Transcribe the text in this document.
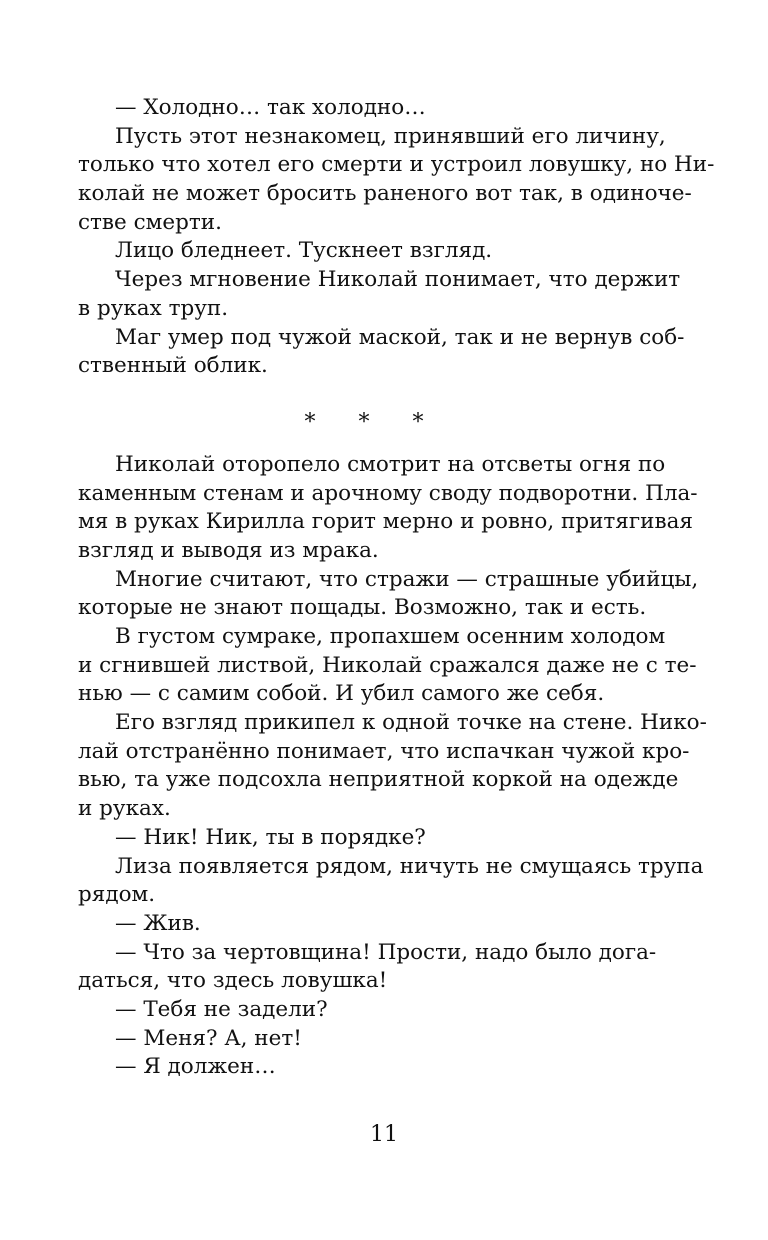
— Холодно… так холодно…
Пусть этот незнакомец, принявший его личину,
только что хотел его смерти и устроил ловушку, но Ни-
колай не может бросить раненого вот так, в одиноче-
стве смерти.
Лицо бледнеет. Тускнеет взгляд.
Через мгновение Николай понимает, что держит
в руках труп.
Маг умер под чужой маской, так и не вернув соб-
ственный облик.
* * *
Николай оторопело смотрит на отсветы огня по
каменным стенам и арочному своду подворотни. Пла-
мя в руках Кирилла горит мерно и ровно, притягивая
взгляд и выводя из мрака.
Многие считают, что стражи — страшные убийцы,
которые не знают пощады. Возможно, так и есть.
В густом сумраке, пропахшем осенним холодом
и сгнившей листвой, Николай сражался даже не с те-
нью — с самим собой. И убил самого же себя.
Его взгляд прикипел к одной точке на стене. Нико-
лай отстранённо понимает, что испачкан чужой кро-
вью, та уже подсохла неприятной коркой на одежде
и руках.
— Ник! Ник, ты в порядке?
Лиза появляется рядом, ничуть не смущаясь трупа
рядом.
— Жив.
— Что за чертовщина! Прости, надо было дога-
даться, что здесь ловушка!
— Тебя не задели?
— Меня? А, нет!
— Я должен…
11
